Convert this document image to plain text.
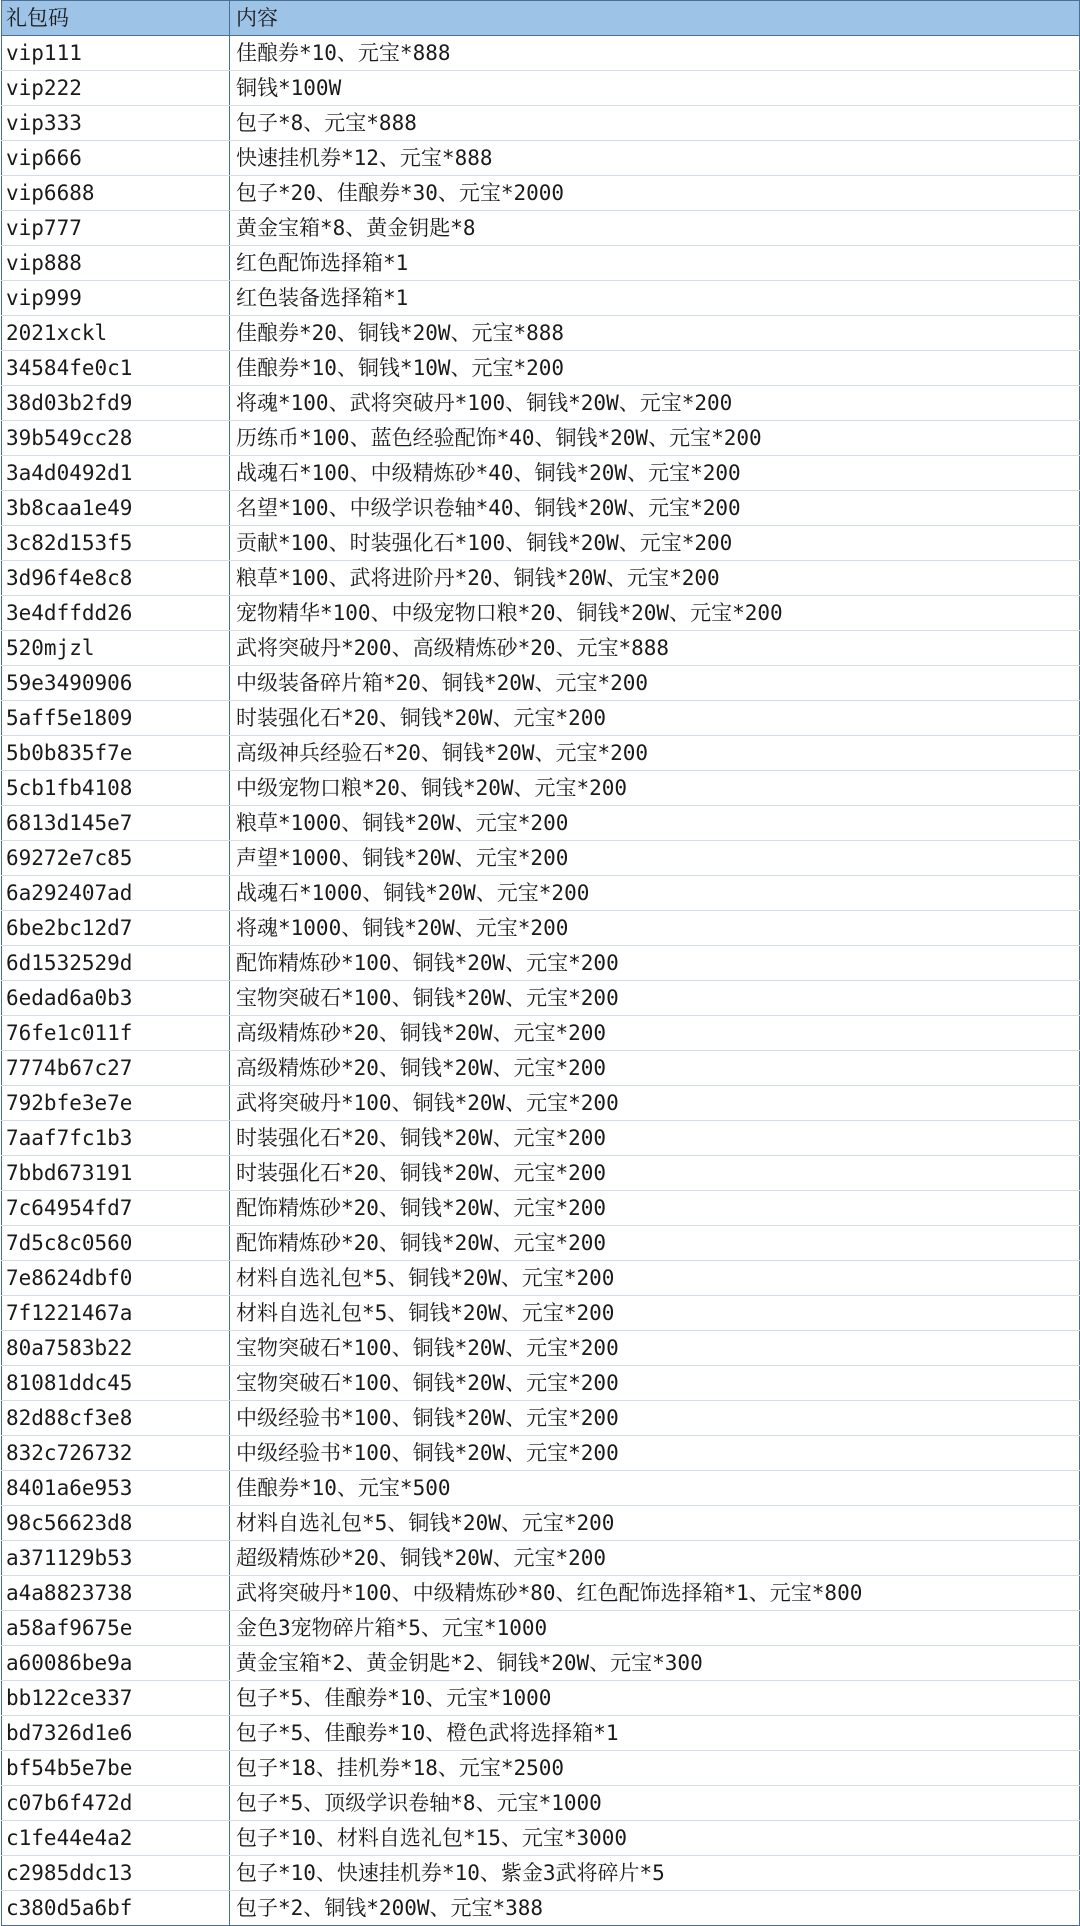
礼包码	内容
vip111	佳酿券*10、元宝*888
vip222	铜钱*100W
vip333	包子*8、元宝*888
vip666	快速挂机券*12、元宝*888
vip6688	包子*20、佳酿券*30、元宝*2000
vip777	黄金宝箱*8、黄金钥匙*8
vip888	红色配饰选择箱*1
vip999	红色装备选择箱*1
2021xckl	佳酿券*20、铜钱*20W、元宝*888
34584fe0c1	佳酿券*10、铜钱*10W、元宝*200
38d03b2fd9	将魂*100、武将突破丹*100、铜钱*20W、元宝*200
39b549cc28	历练币*100、蓝色经验配饰*40、铜钱*20W、元宝*200
3a4d0492d1	战魂石*100、中级精炼砂*40、铜钱*20W、元宝*200
3b8caa1e49	名望*100、中级学识卷轴*40、铜钱*20W、元宝*200
3c82d153f5	贡献*100、时装强化石*100、铜钱*20W、元宝*200
3d96f4e8c8	粮草*100、武将进阶丹*20、铜钱*20W、元宝*200
3e4dffdd26	宠物精华*100、中级宠物口粮*20、铜钱*20W、元宝*200
520mjzl	武将突破丹*200、高级精炼砂*20、元宝*888
59e3490906	中级装备碎片箱*20、铜钱*20W、元宝*200
5aff5e1809	时装强化石*20、铜钱*20W、元宝*200
5b0b835f7e	高级神兵经验石*20、铜钱*20W、元宝*200
5cb1fb4108	中级宠物口粮*20、铜钱*20W、元宝*200
6813d145e7	粮草*1000、铜钱*20W、元宝*200
69272e7c85	声望*1000、铜钱*20W、元宝*200
6a292407ad	战魂石*1000、铜钱*20W、元宝*200
6be2bc12d7	将魂*1000、铜钱*20W、元宝*200
6d1532529d	配饰精炼砂*100、铜钱*20W、元宝*200
6edad6a0b3	宝物突破石*100、铜钱*20W、元宝*200
76fe1c011f	高级精炼砂*20、铜钱*20W、元宝*200
7774b67c27	高级精炼砂*20、铜钱*20W、元宝*200
792bfe3e7e	武将突破丹*100、铜钱*20W、元宝*200
7aaf7fc1b3	时装强化石*20、铜钱*20W、元宝*200
7bbd673191	时装强化石*20、铜钱*20W、元宝*200
7c64954fd7	配饰精炼砂*20、铜钱*20W、元宝*200
7d5c8c0560	配饰精炼砂*20、铜钱*20W、元宝*200
7e8624dbf0	材料自选礼包*5、铜钱*20W、元宝*200
7f1221467a	材料自选礼包*5、铜钱*20W、元宝*200
80a7583b22	宝物突破石*100、铜钱*20W、元宝*200
81081ddc45	宝物突破石*100、铜钱*20W、元宝*200
82d88cf3e8	中级经验书*100、铜钱*20W、元宝*200
832c726732	中级经验书*100、铜钱*20W、元宝*200
8401a6e953	佳酿券*10、元宝*500
98c56623d8	材料自选礼包*5、铜钱*20W、元宝*200
a371129b53	超级精炼砂*20、铜钱*20W、元宝*200
a4a8823738	武将突破丹*100、中级精炼砂*80、红色配饰选择箱*1、元宝*800
a58af9675e	金色3宠物碎片箱*5、元宝*1000
a60086be9a	黄金宝箱*2、黄金钥匙*2、铜钱*20W、元宝*300
bb122ce337	包子*5、佳酿券*10、元宝*1000
bd7326d1e6	包子*5、佳酿券*10、橙色武将选择箱*1
bf54b5e7be	包子*18、挂机券*18、元宝*2500
c07b6f472d	包子*5、顶级学识卷轴*8、元宝*1000
c1fe44e4a2	包子*10、材料自选礼包*15、元宝*3000
c2985ddc13	包子*10、快速挂机券*10、紫金3武将碎片*5
c380d5a6bf	包子*2、铜钱*200W、元宝*388
